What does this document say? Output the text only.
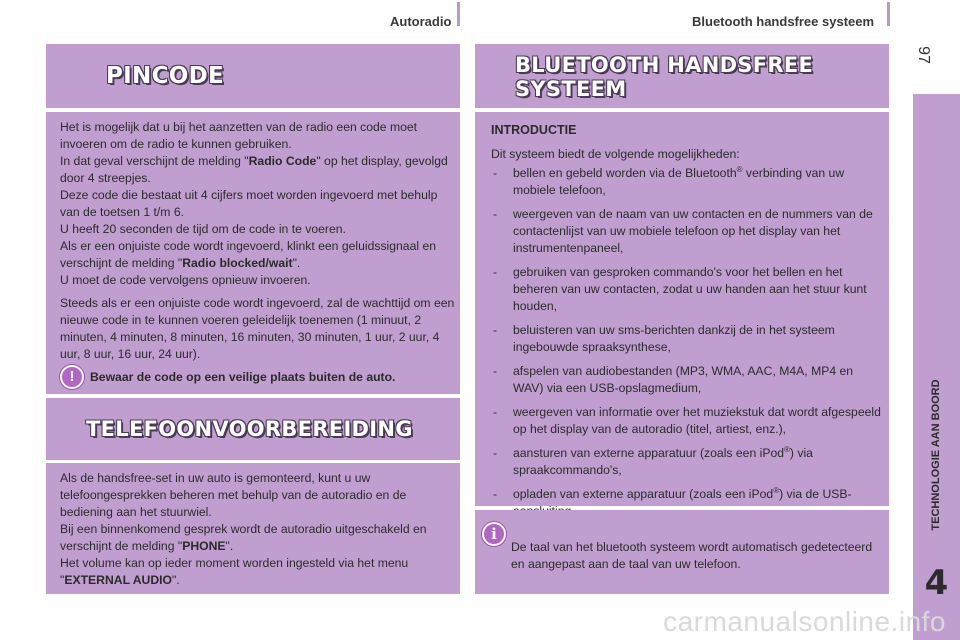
Autoradio	Bluetooth handsfree systeem
97
PINCODE

Het is mogelijk dat u bij het aanzetten van de radio een code moet invoeren om de radio te kunnen gebruiken.

In dat geval verschijnt de melding "Radio Code" op het display, gevolgd door 4 streepjes.

Deze code die bestaat uit 4 cijfers moet worden ingevoerd met behulp van de toetsen 1 t/m 6.

U heeft 20 seconden de tijd om de code in te voeren.

Als er een onjuiste code wordt ingevoerd, klinkt een geluidssignaal en verschijnt de melding "Radio blocked/wait".

U moet de code vervolgens opnieuw invoeren.

Steeds als er een onjuiste code wordt ingevoerd, zal de wachttijd om een nieuwe code in te kunnen voeren geleidelijk toenemen (1 minuut, 2 minuten, 4 minuten, 8 minuten, 16 minuten, 30 minuten, 1 uur, 2 uur, 4 uur, 8 uur, 16 uur, 24 uur).

!	Bewaar de code op een veilige plaats buiten de auto.
TELEFOONVOORBEREIDING

Als de handsfree-set in uw auto is gemonteerd, kunt u uw telefoongesprekken beheren met behulp van de autoradio en de bediening aan het stuurwiel.

Bij een binnenkomend gesprek wordt de autoradio uitgeschakeld en verschijnt de melding "PHONE".

Het volume kan op ieder moment worden ingesteld via het menu "EXTERNAL AUDIO".

BLUETOOTH HANDSFREE
SYSTEEM
INTRODUCTIE

Dit systeem biedt de volgende mogelijkheden:

- bellen en gebeld worden via de Bluetooth® verbinding van uw mobiele telefoon,
- weergeven van de naam van uw contacten en de nummers van de contactenlijst van uw mobiele telefoon op het display van het instrumentenpaneel,
- gebruiken van gesproken commando's voor het bellen en het beheren van uw contacten, zodat u uw handen aan het stuur kunt houden,
- beluisteren van uw sms-berichten dankzij de in het systeem ingebouwde spraaksynthese,
- afspelen van audiobestanden (MP3, WMA, AAC, M4A, MP4 en WAV) via een USB-opslagmedium,
- weergeven van informatie over het muziekstuk dat wordt afgespeeld op het display van de autoradio (titel, artiest, enz.),
- aansturen van externe apparatuur (zoals een iPod®) via spraakcommando's,
- opladen van externe apparatuur (zoals een iPod®) via de USB-
i
De taal van het bluetooth systeem wordt automatisch gedetecteerd en aangepast aan de taal van uw telefoon.
TECHNOLOGIE AAN BOORD
4
carmanualsonline.info
